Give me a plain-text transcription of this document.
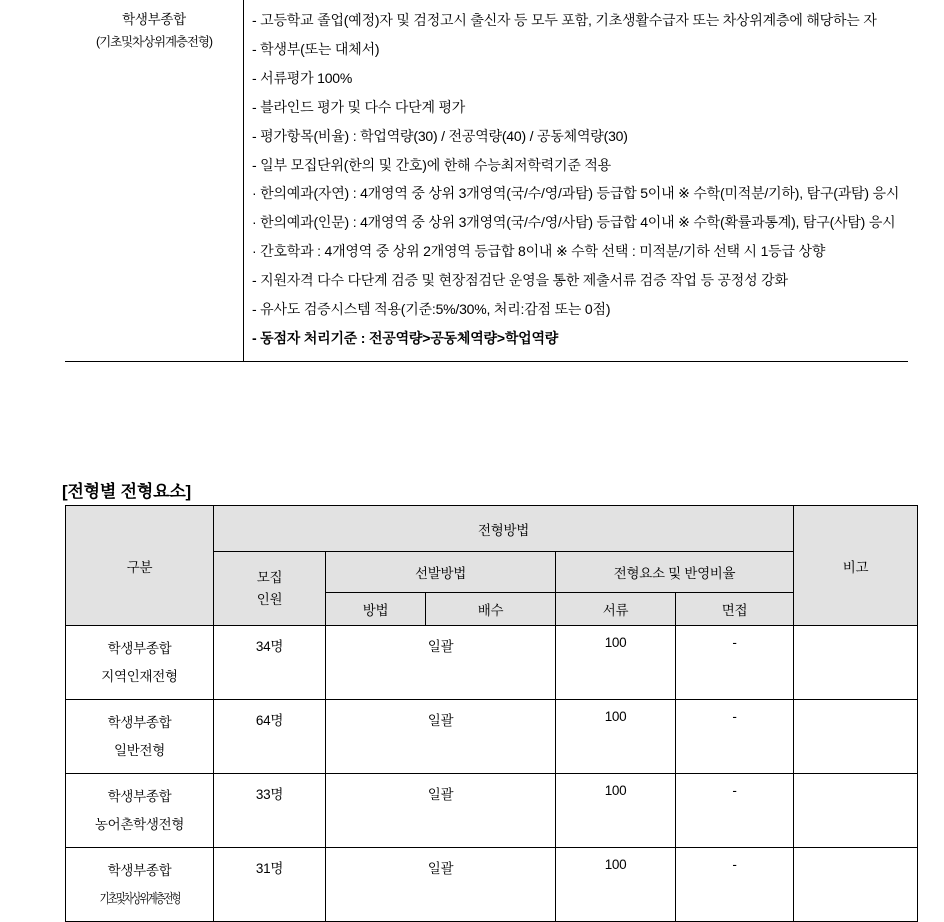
학생부종합
(기초및차상위계층전형)

- 고등학교 졸업(예정)자 및 검정고시 출신자 등 모두 포함, 기초생활수급자 또는 차상위계층에 해당하는 자
- 학생부(또는 대체서)
- 서류평가 100%
- 블라인드 평가 및 다수 다단계 평가
- 평가항목(비율) : 학업역량(30) / 전공역량(40) / 공동체역량(30)
- 일부 모집단위(한의 및 간호)에 한해 수능최저학력기준 적용
· 한의예과(자연) : 4개영역 중 상위 3개영역(국/수/영/과탐) 등급합 5이내 ※ 수학(미적분/기하), 탐구(과탐) 응시
· 한의예과(인문) : 4개영역 중 상위 3개영역(국/수/영/사탐) 등급합 4이내 ※ 수학(확률과통계), 탐구(사탐) 응시
· 간호학과 : 4개영역 중 상위 2개영역 등급합 8이내 ※ 수학 선택 : 미적분/기하 선택 시 1등급 상향
- 지원자격 다수 다단계 검증 및 현장점검단 운영을 통한 제출서류 검증 작업 등 공정성 강화
- 유사도 검증시스템 적용(기준:5%/30%, 처리:감점 또는 0점)
- 동점자 처리기준 : 전공역량>공동체역량>학업역량
[전형별 전형요소]
구분	전형방법					비고

	모집
인원	선발방법		전형요소 및 반영비율		
		방법	배수	서류	면접	

학생부종합
지역인재전형	34명	일괄		100	-	

학생부종합
일반전형	64명	일괄		100	-	

학생부종합
농어촌학생전형	33명	일괄		100	-	

학생부종합
기초및차상위계층전형	31명	일괄		100	-	
